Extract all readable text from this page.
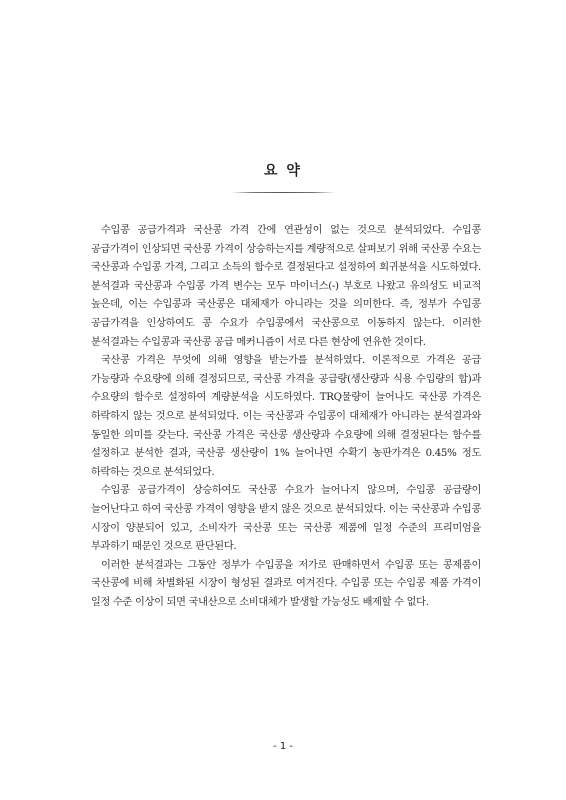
요 약

수입콩 공급가격과 국산콩 가격 간에 연관성이 없는 것으로 분석되었다. 수입콩 공급가격이 인상되면 국산콩 가격이 상승하는지를 계량적으로 살펴보기 위해 국산콩 수요는 국산콩과 수입콩 가격, 그리고 소득의 함수로 결정된다고 설정하여 회귀분석을 시도하였다. 분석결과 국산콩과 수입콩 가격 변수는 모두 마이너스(-) 부호로 나왔고 유의성도 비교적 높은데, 이는 수입콩과 국산콩은 대체재가 아니라는 것을 의미한다. 즉, 정부가 수입콩 공급가격을 인상하여도 콩 수요가 수입콩에서 국산콩으로 이동하지 않는다. 이러한 분석결과는 수입콩과 국산콩 공급 메커니즘이 서로 다른 현상에 연유한 것이다.

국산콩 가격은 무엇에 의해 영향을 받는가를 분석하였다. 이론적으로 가격은 공급 가능량과 수요량에 의해 결정되므로, 국산콩 가격을 공급량(생산량과 식용 수입량의 합)과 수요량의 함수로 설정하여 계량분석을 시도하였다. TRQ물량이 늘어나도 국산콩 가격은 하락하지 않는 것으로 분석되었다. 이는 국산콩과 수입콩이 대체재가 아니라는 분석결과와 동일한 의미를 갖는다. 국산콩 가격은 국산콩 생산량과 수요량에 의해 결정된다는 함수를 설정하고 분석한 결과, 국산콩 생산량이 1% 늘어나면 수확기 농판가격은 0.45% 정도 하락하는 것으로 분석되었다.

수입콩 공급가격이 상승하여도 국산콩 수요가 늘어나지 않으며, 수입콩 공급량이 늘어난다고 하여 국산콩 가격이 영향을 받지 않은 것으로 분석되었다. 이는 국산콩과 수입콩 시장이 양분되어 있고, 소비자가 국산콩 또는 국산콩 제품에 일정 수준의 프리미엄을 부과하기 때문인 것으로 판단된다.

이러한 분석결과는 그동안 정부가 수입콩을 저가로 판매하면서 수입콩 또는 콩제품이 국산콩에 비해 차별화된 시장이 형성된 결과로 여겨진다. 수입콩 또는 수입콩 제품 가격이 일정 수준 이상이 되면 국내산으로 소비대체가 발생할 가능성도 배제할 수 없다.

- 1 -
